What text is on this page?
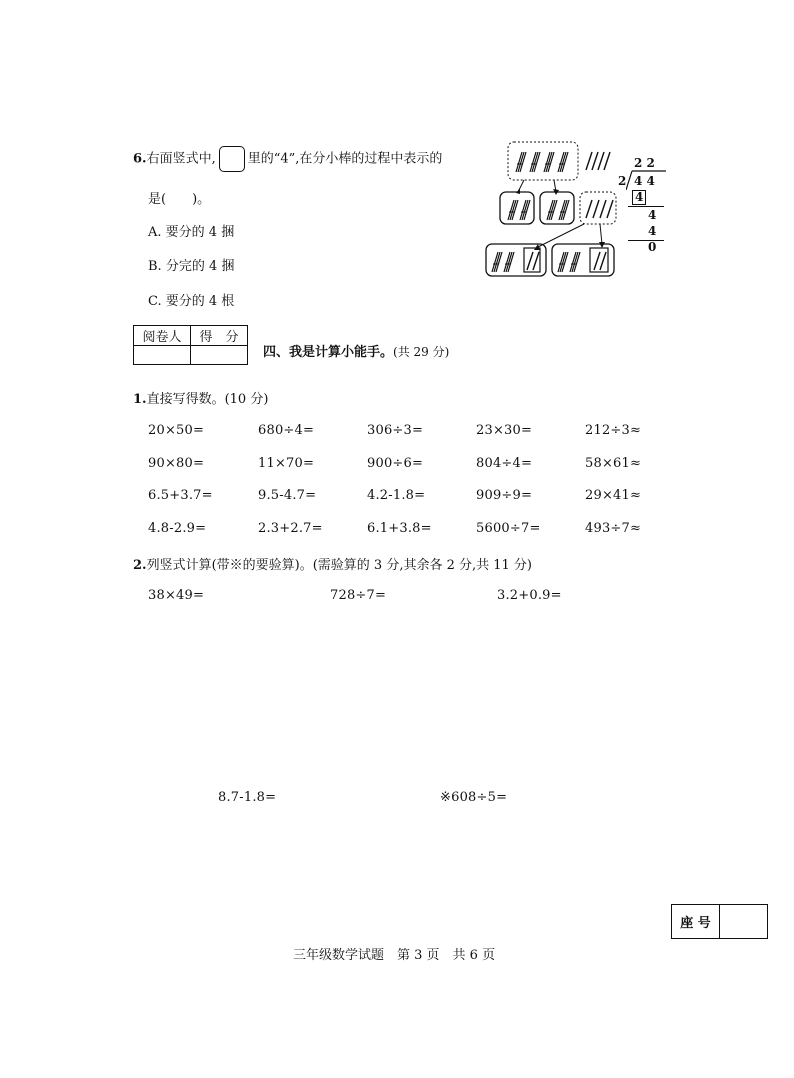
6.右面竖式中, 里的“4”,在分小棒的过程中表示的
是(　　)。
A. 要分的 4 捆
B. 分完的 4 捆
C. 要分的 4 根
2 2
2 4 4
4
4
4
0
阅卷人	得　分

四、我是计算小能手。(共 29 分)
1.直接写得数。(10 分)
20×50=	680÷4=	306÷3=	23×30=	212÷3≈
90×80=	11×70=	900÷6=	804÷4=	58×61≈
6.5+3.7=	9.5-4.7=	4.2-1.8=	909÷9=	29×41≈
4.8-2.9=	2.3+2.7=	6.1+3.8=	5600÷7=	493÷7≈
2.列竖式计算(带※的要验算)。(需验算的 3 分,其余各 2 分,共 11 分)
38×49=	728÷7=	3.2+0.9=
8.7-1.8=	※608÷5=
座 号	
三年级数学试题　第 3 页　共 6 页
